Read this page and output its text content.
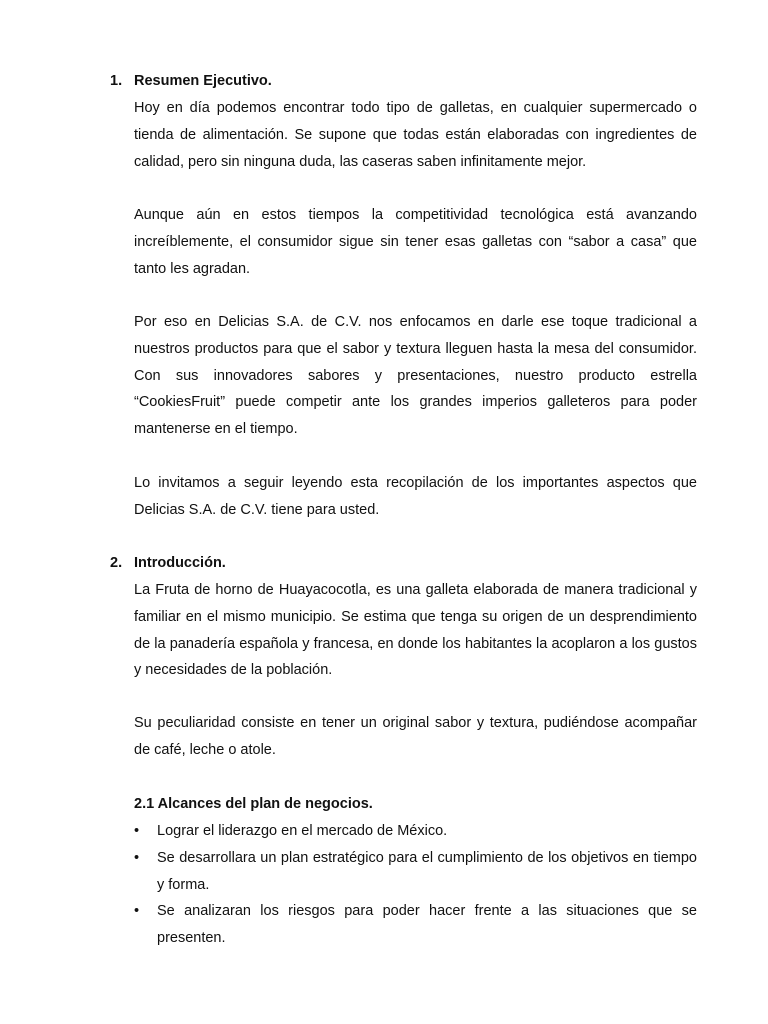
1. Resumen Ejecutivo.

Hoy en día podemos encontrar todo tipo de galletas, en cualquier supermercado o tienda de alimentación. Se supone que todas están elaboradas con ingredientes de calidad, pero sin ninguna duda, las caseras saben infinitamente mejor.

Aunque aún en estos tiempos la competitividad tecnológica está avanzando increíblemente, el consumidor sigue sin tener esas galletas con “sabor a casa” que tanto les agradan.

Por eso en Delicias S.A. de C.V. nos enfocamos en darle ese toque tradicional a nuestros productos para que el sabor y textura lleguen hasta la mesa del consumidor. Con sus innovadores sabores y presentaciones, nuestro producto estrella “CookiesFruit” puede competir ante los grandes imperios galleteros para poder mantenerse en el tiempo.

Lo invitamos a seguir leyendo esta recopilación de los importantes aspectos que Delicias S.A. de C.V. tiene para usted.

2. Introducción.

La Fruta de horno de Huayacocotla, es una galleta elaborada de manera tradicional y familiar en el mismo municipio. Se estima que tenga su origen de un desprendimiento de la panadería española y francesa, en donde los habitantes la acoplaron a los gustos y necesidades de la población.

Su peculiaridad consiste en tener un original sabor y textura, pudiéndose acompañar de café, leche o atole.

2.1 Alcances del plan de negocios.
• Lograr el liderazgo en el mercado de México.
• Se desarrollara un plan estratégico para el cumplimiento de los objetivos en tiempo y forma.
• Se analizaran los riesgos para poder hacer frente a las situaciones que se presenten.
